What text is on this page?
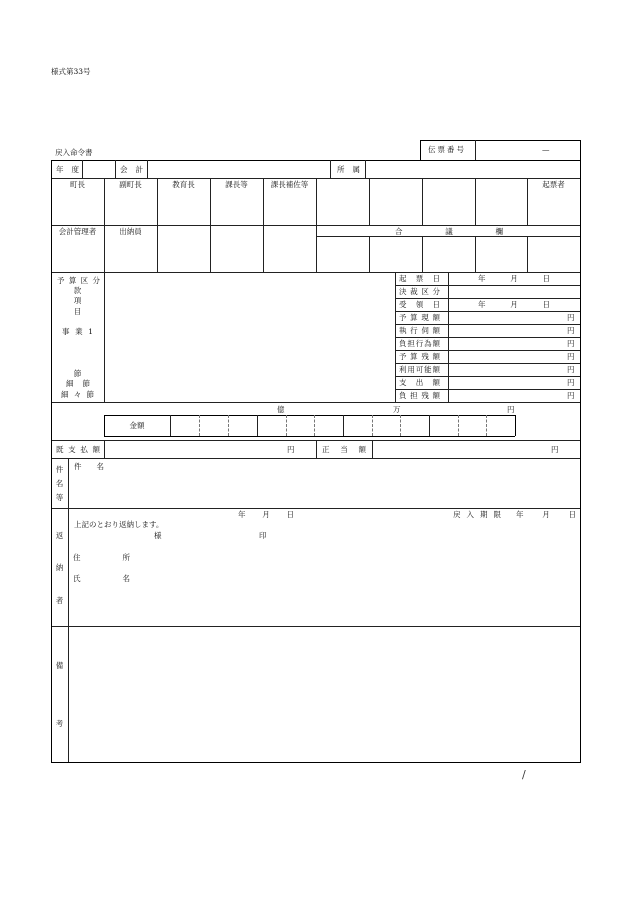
様式第33号
戻入命令書	伝票番号	—
年 度	会 計	所 属
町長	副町長	教育長	課長等	課長補佐等	起票者
会計管理者	出納員	合 議 欄
予 算 区 分
款
項
目
事 業 1
節
細 節
細 々 節
起 票 日	年 月 日
決 裁 区 分
受 領 日	年 月 日
予 算 現 額	円
執 行 伺 額	円
負担行為額	円
予 算 残 額	円
利用可能額	円
支 出 額	円
負 担 残 額	円
億	万	円
金額
既 支 払 額	円	正 当 額	円
件
名
等
件 名
返
納
者
年 月 日	戻 入 期 限 年 月 日
上記のとおり返納します。
様	印
住 所
氏 名
備
考
/
